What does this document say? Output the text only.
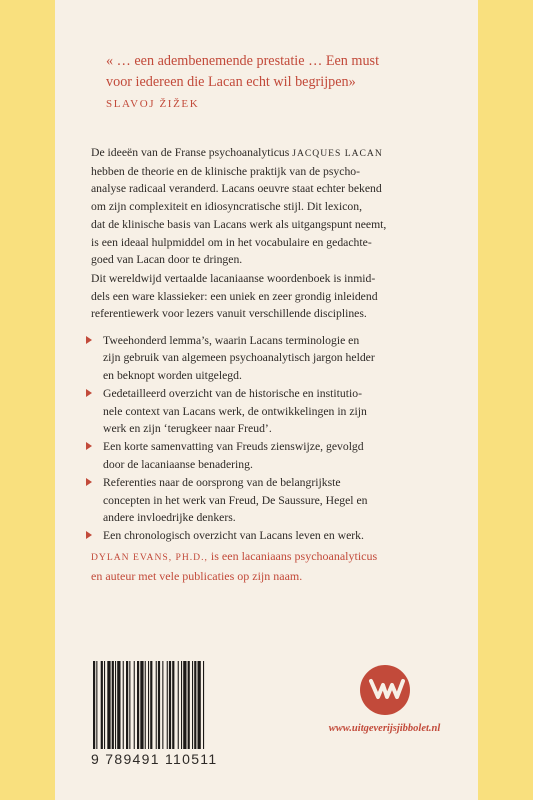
« … een adembenemende prestatie … Een must
voor iedereen die Lacan echt wil begrijpen»
SLAVOJ ŽIŽEK
De ideeën van de Franse psychoanalyticus JACQUES LACAN
hebben de theorie en de klinische praktijk van de psycho-
analyse radicaal veranderd. Lacans oeuvre staat echter bekend
om zijn complexiteit en idiosyncratische stijl. Dit lexicon,
dat de klinische basis van Lacans werk als uitgangspunt neemt,
is een ideaal hulpmiddel om in het vocabulaire en gedachte-
goed van Lacan door te dringen.
Dit wereldwijd vertaalde lacaniaanse woordenboek is inmid-
dels een ware klassieker: een uniek en zeer grondig inleidend
referentiewerk voor lezers vanuit verschillende disciplines.
Tweehonderd lemma’s, waarin Lacans terminologie en
zijn gebruik van algemeen psychoanalytisch jargon helder
en beknopt worden uitgelegd.
Gedetailleerd overzicht van de historische en institutio-
nele context van Lacans werk, de ontwikkelingen in zijn
werk en zijn ‘terugkeer naar Freud’.
Een korte samenvatting van Freuds zienswijze, gevolgd
door de lacaniaanse benadering.
Referenties naar de oorsprong van de belangrijkste
concepten in het werk van Freud, De Saussure, Hegel en
andere invloedrijke denkers.
Een chronologisch overzicht van Lacans leven en werk.
DYLAN EVANS, PH.D., is een lacaniaans psychoanalyticus
en auteur met vele publicaties op zijn naam.
9 789491 110511
www.uitgeverijsjibbolet.nl
